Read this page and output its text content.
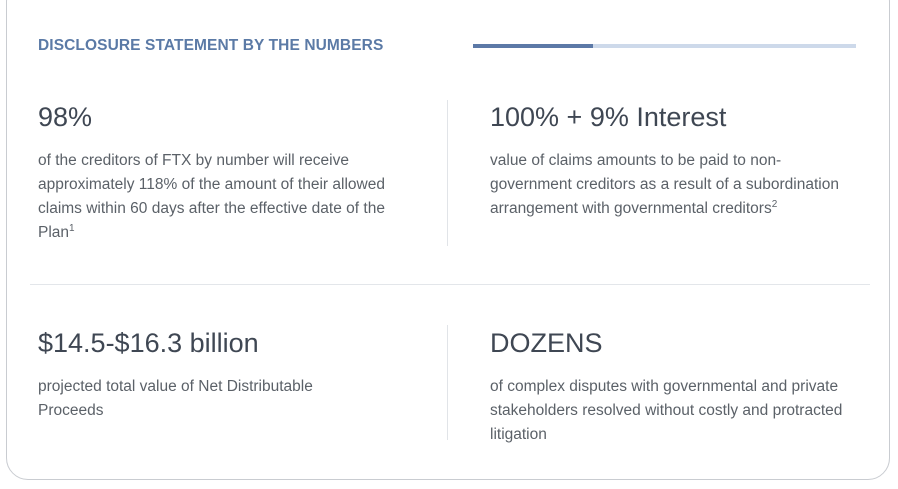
DISCLOSURE STATEMENT BY THE NUMBERS
98%
of the creditors of FTX by number will receive approximately 118% of the amount of their allowed claims within 60 days after the effective date of the Plan$^1$
100% + 9% Interest
value of claims amounts to be paid to non-government creditors as a result of a subordination arrangement with governmental creditors$^2$
$14.5-$16.3 billion
projected total value of Net Distributable Proceeds
DOZENS
of complex disputes with governmental and private stakeholders resolved without costly and protracted litigation
